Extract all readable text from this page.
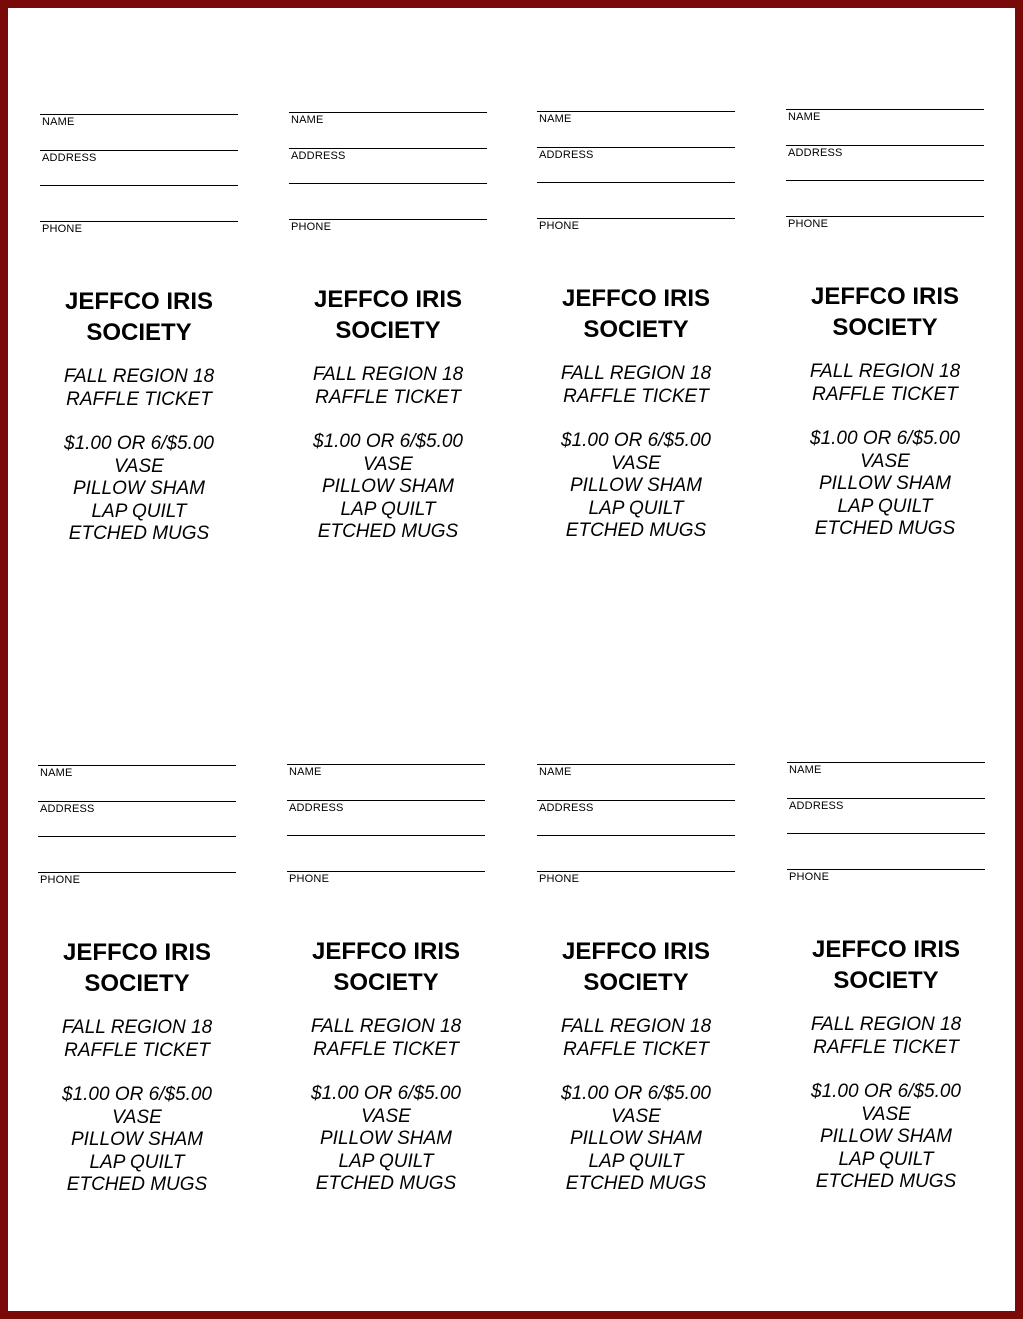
NAME
ADDRESS
PHONE
JEFFCO IRIS
SOCIETY
FALL REGION 18
RAFFLE TICKET
$1.00 OR 6/$5.00
VASE
PILLOW SHAM
LAP QUILT
ETCHED MUGS
NAME
ADDRESS
PHONE
JEFFCO IRIS
SOCIETY
FALL REGION 18
RAFFLE TICKET
$1.00 OR 6/$5.00
VASE
PILLOW SHAM
LAP QUILT
ETCHED MUGS
NAME
ADDRESS
PHONE
JEFFCO IRIS
SOCIETY
FALL REGION 18
RAFFLE TICKET
$1.00 OR 6/$5.00
VASE
PILLOW SHAM
LAP QUILT
ETCHED MUGS
NAME
ADDRESS
PHONE
JEFFCO IRIS
SOCIETY
FALL REGION 18
RAFFLE TICKET
$1.00 OR 6/$5.00
VASE
PILLOW SHAM
LAP QUILT
ETCHED MUGS
NAME
ADDRESS
PHONE
JEFFCO IRIS
SOCIETY
FALL REGION 18
RAFFLE TICKET
$1.00 OR 6/$5.00
VASE
PILLOW SHAM
LAP QUILT
ETCHED MUGS
NAME
ADDRESS
PHONE
JEFFCO IRIS
SOCIETY
FALL REGION 18
RAFFLE TICKET
$1.00 OR 6/$5.00
VASE
PILLOW SHAM
LAP QUILT
ETCHED MUGS
NAME
ADDRESS
PHONE
JEFFCO IRIS
SOCIETY
FALL REGION 18
RAFFLE TICKET
$1.00 OR 6/$5.00
VASE
PILLOW SHAM
LAP QUILT
ETCHED MUGS
NAME
ADDRESS
PHONE
JEFFCO IRIS
SOCIETY
FALL REGION 18
RAFFLE TICKET
$1.00 OR 6/$5.00
VASE
PILLOW SHAM
LAP QUILT
ETCHED MUGS
